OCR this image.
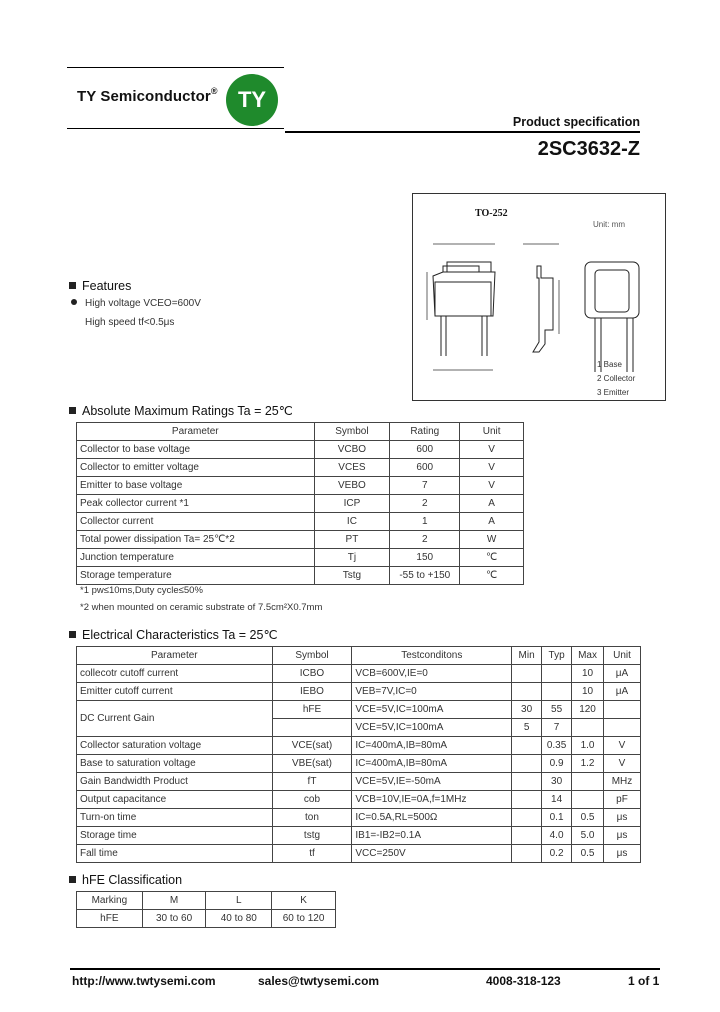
TY Semiconductor® TY
Product specification
2SC3632-Z
TO-252
Unit: mm
1 Base
2 Collector
3 Emitter
Features
High voltage VCEO=600V
High speed tf<0.5μs
Absolute Maximum Ratings Ta = 25℃
Parameter	Symbol	Rating	Unit
Collector to base voltage	VCBO	600	V
Collector to emitter voltage	VCES	600	V
Emitter to base voltage	VEBO	7	V
Peak collector current *1	ICP	2	A
Collector current	IC	1	A
Total power dissipation Ta= 25℃*2	PT	2	W
Junction temperature	Tj	150	℃
Storage temperature	Tstg	-55 to +150	℃
*1 pw≤10ms,Duty cycle≤50%
*2 when mounted on ceramic substrate of 7.5cm²X0.7mm
Electrical Characteristics Ta = 25℃
Parameter	Symbol	Testconditons	Min	Typ	Max	Unit
collecotr cutoff current	ICBO	VCB=600V,IE=0			10	μA
Emitter cutoff current	IEBO	VEB=7V,IC=0			10	μA
DC Current Gain	hFE	VCE=5V,IC=100mA	30	55	120	
		VCE=5V,IC=100mA	5	7		
Collector saturation voltage	VCE(sat)	IC=400mA,IB=80mA		0.35	1.0	V
Base to saturation voltage	VBE(sat)	IC=400mA,IB=80mA		0.9	1.2	V
Gain Bandwidth Product	fT	VCE=5V,IE=-50mA		30		MHz
Output capacitance	cob	VCB=10V,IE=0A,f=1MHz		14		pF
Turn-on time	ton	IC=0.5A,RL=500Ω		0.1	0.5	μs
Storage time	tstg	IB1=-IB2=0.1A		4.0	5.0	μs
Fall time	tf	VCC=250V		0.2	0.5	μs
hFE Classification
Marking	M	L	K
hFE	30 to 60	40 to 80	60 to 120
http://www.twtysemi.com	sales@twtysemi.com	4008-318-123	1 of 1
